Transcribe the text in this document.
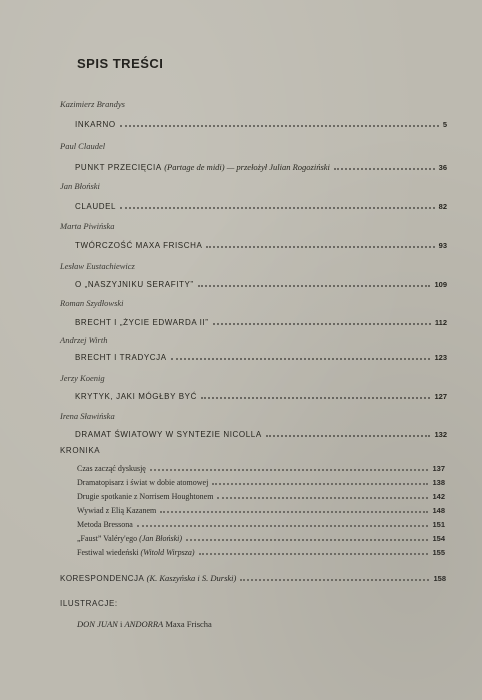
SPIS TREŚCI
Kazimierz Brandys
INKARNO	5
Paul Claudel
PUNKT PRZECIĘCIA (Partage de midi) — przełożył Julian Rogoziński	36
Jan Błoński
CLAUDEL	82
Marta Piwińska
TWÓRCZOŚĆ MAXA FRISCHA	93
Lesław Eustachiewicz
O „NASZYJNIKU SERAFITY”	109
Roman Szydłowski
BRECHT I „ŻYCIE EDWARDA II”	112
Andrzej Wirth
BRECHT I TRADYCJA	123
Jerzy Koenig
KRYTYK, JAKI MÓGŁBY BYĆ	127
Irena Sławińska
DRAMAT ŚWIATOWY W SYNTEZIE NICOLLA	132
KRONIKA
Czas zacząć dyskusję	137
Dramatopisarz i świat w dobie atomowej	138
Drugie spotkanie z Norrisem Houghtonem	142
Wywiad z Elią Kazanem	148
Metoda Bressona	151
„Faust” Valéry'ego (Jan Błoński)	154
Festiwal wiedeński (Witold Wirpsza)	155
KORESPONDENCJA (K. Kaszyńska i S. Durski)	158
ILUSTRACJE:
DON JUAN i ANDORRA Maxa Frischa
